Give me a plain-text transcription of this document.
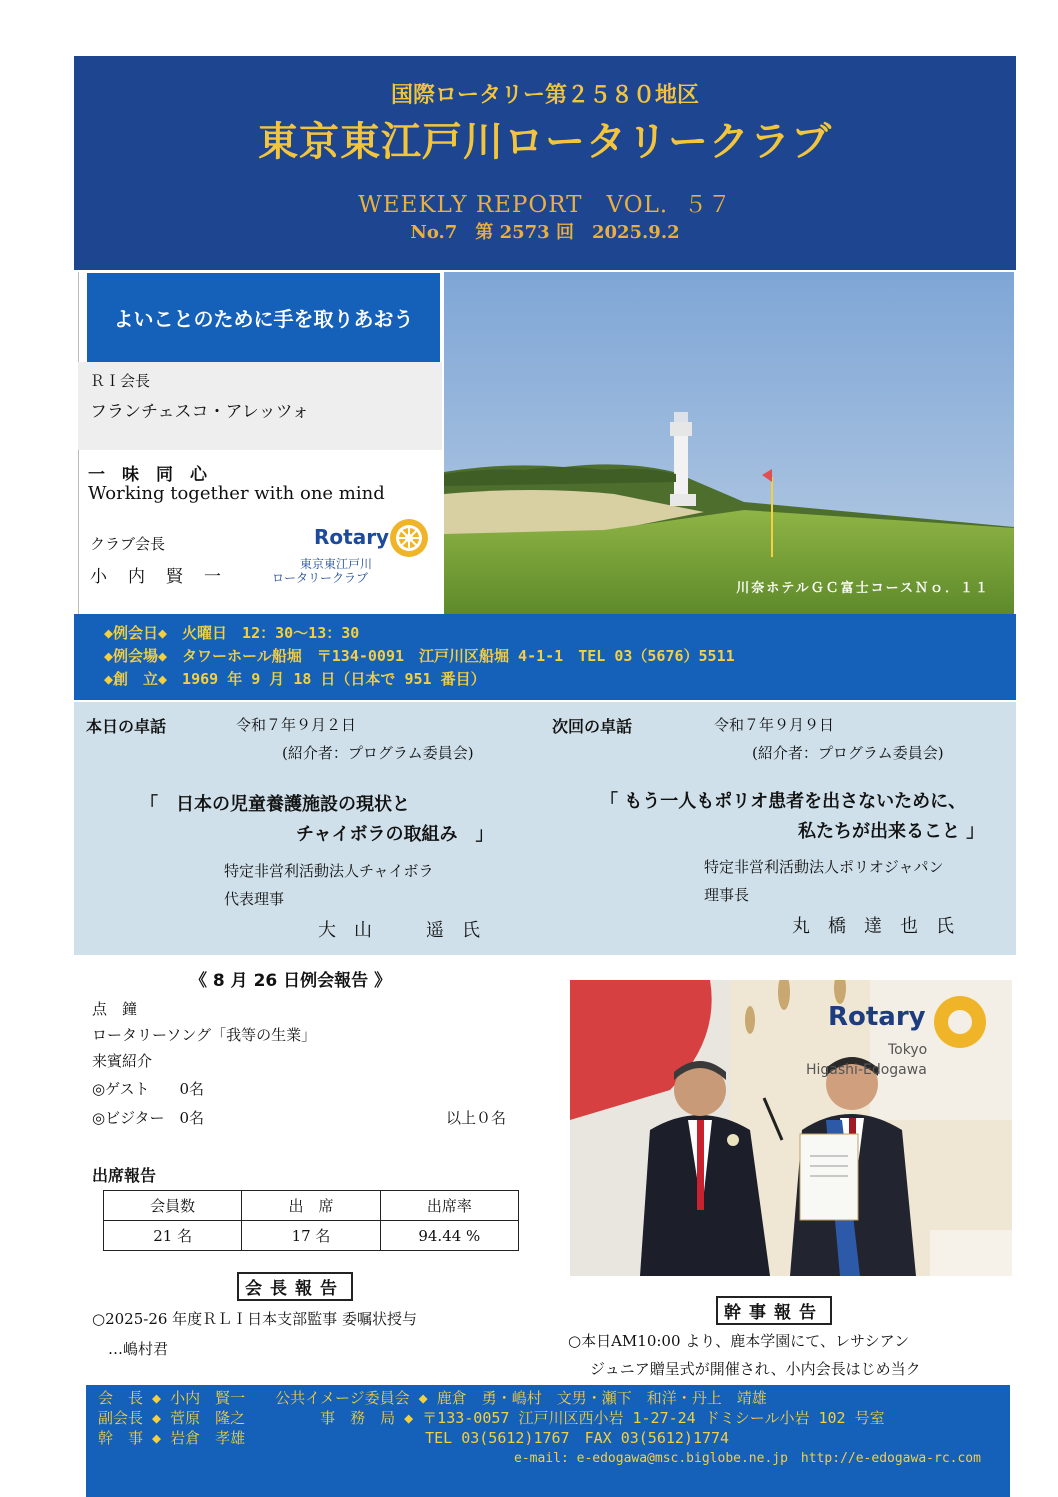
国際ロータリー第２５８０地区
東京東江戸川ロータリークラブ
WEEKLY REPORT　VOL．５７
No.7　第 2573 回　2025.9.2
よいことのために手を取りあおう
ＲＩ会長
フランチェスコ・アレッツォ
一　味　同　心
Working together with one mind
クラブ会長
小　内　賢　一
Rotary
東京東江戸川
ロータリークラブ
川奈ホテルＧＣ富士コースＮｏ．１１
◆例会日◆　火曜日　12：30～13：30
◆例会場◆　タワーホール船堀　〒134-0091　江戸川区船堀 4-1-1　TEL 03（5676）5511
◆創　立◆　1969 年 9 月 18 日（日本で 951 番目）
本日の卓話	令和７年９月２日
(紹介者：プログラム委員会)
「　日本の児童養護施設の現状と
チャイボラの取組み　」
特定非営利活動法人チャイボラ
代表理事
大　山　　　遥　氏
次回の卓話	令和７年９月９日
(紹介者：プログラム委員会)
「 もう一人もポリオ患者を出さないために、
私たちが出来ること 」
特定非営利活動法人ポリオジャパン
理事長
丸　橋　達　也　氏
《 8 月 26 日例会報告 》
点　鐘
ロータリーソング「我等の生業」
来賓紹介
◎ゲスト　　0名
◎ビジター　0名	以上０名
出席報告
会員数	出　席	出席率
21 名	17 名	94.44 %
会長報告
○2025-26 年度ＲＬＩ日本支部監事 委嘱状授与
…嶋村君
Rotary
Tokyo
Higashi-Edogawa
幹事報告
○本日AM10:00 より、鹿本学園にて、レサシアン
ジュニア贈呈式が開催され、小内会長はじめ当ク
会　長 ◆ 小内　賢一　　公共イメージ委員会 ◆ 鹿倉　勇・嶋村　文男・瀬下　和洋・丹上　靖雄
副会長 ◆ 菅原　隆之　　　　　事　務　局 ◆ 〒133-0057 江戸川区西小岩 1-27-24 ドミシール小岩 102 号室
幹　事 ◆ 岩倉　孝雄　　　　　　　　　　　　TEL 03(5612)1767　FAX 03(5612)1774
e-mail: e-edogawa@msc.biglobe.ne.jp　http://e-edogawa-rc.com
